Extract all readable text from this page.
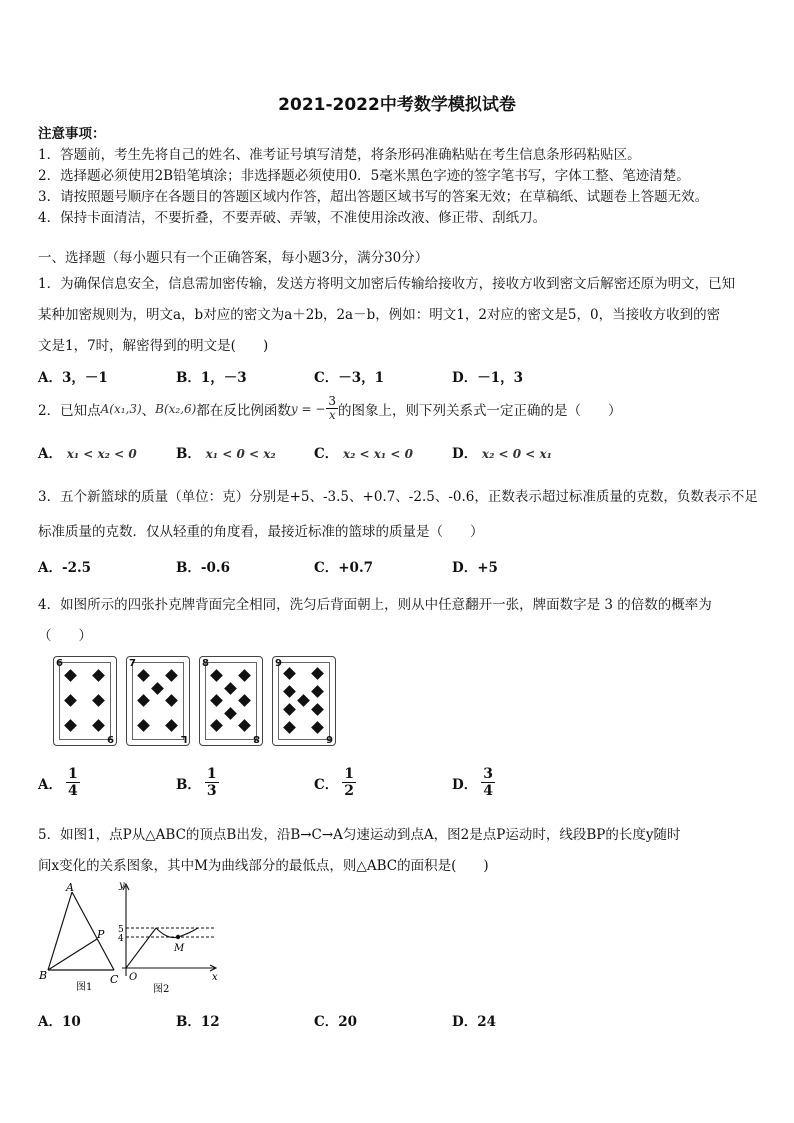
2021-2022中考数学模拟试卷
注意事项：
1．答题前，考生先将自己的姓名、准考证号填写清楚，将条形码准确粘贴在考生信息条形码粘贴区。
2．选择题必须使用2B铅笔填涂；非选择题必须使用0．5毫米黑色字迹的签字笔书写，字体工整、笔迹清楚。
3．请按照题号顺序在各题目的答题区域内作答，超出答题区域书写的答案无效；在草稿纸、试题卷上答题无效。
4．保持卡面清洁，不要折叠，不要弄破、弄皱，不准使用涂改液、修正带、刮纸刀。
一、选择题（每小题只有一个正确答案，每小题3分，满分30分）
1．为确保信息安全，信息需加密传输，发送方将明文加密后传输给接收方，接收方收到密文后解密还原为明文，已知
某种加密规则为，明文a，b对应的密文为a＋2b，2a－b，例如：明文1，2对应的密文是5，0，当接收方收到的密
文是1，7时，解密得到的明文是(　　)
A．3，－1	B．1，－3	C．－3，1	D．－1，3
2．已知点 A(x₁,3) 、 B(x₂,6) 都在反比例函数 y = − $\frac{3}{x}$ 的图象上，则下列关系式一定正确的是（　　）
A． x₁ < x₂ < 0	B． x₁ < 0 < x₂	C． x₂ < x₁ < 0	D． x₂ < 0 < x₁
3．五个新篮球的质量（单位：克）分别是+5、-3.5、+0.7、-2.5、-0.6，正数表示超过标准质量的克数，负数表示不足
标准质量的克数．仅从轻重的角度看，最接近标准的篮球的质量是（　　）
A．-2.5	B．-0.6	C．+0.7	D．+5
4．如图所示的四张扑克牌背面完全相同，洗匀后背面朝上，则从中任意翻开一张，牌面数字是 3 的倍数的概率为
（　　）
6
9
7
L
8
8
9
6
A． $\frac{1}{4}$	B． $\frac{1}{3}$	C． $\frac{1}{2}$	D． $\frac{3}{4}$
5．如图1，点P从△ABC的顶点B出发，沿B→C→A匀速运动到点A，图2是点P运动时，线段BP的长度y随时
间x变化的关系图象，其中M为曲线部分的最低点，则△ABC的面积是(　　)
A
B	C
P
图1
y
x
O
M
5
4
图2
A．10	B．12	C．20	D．24
